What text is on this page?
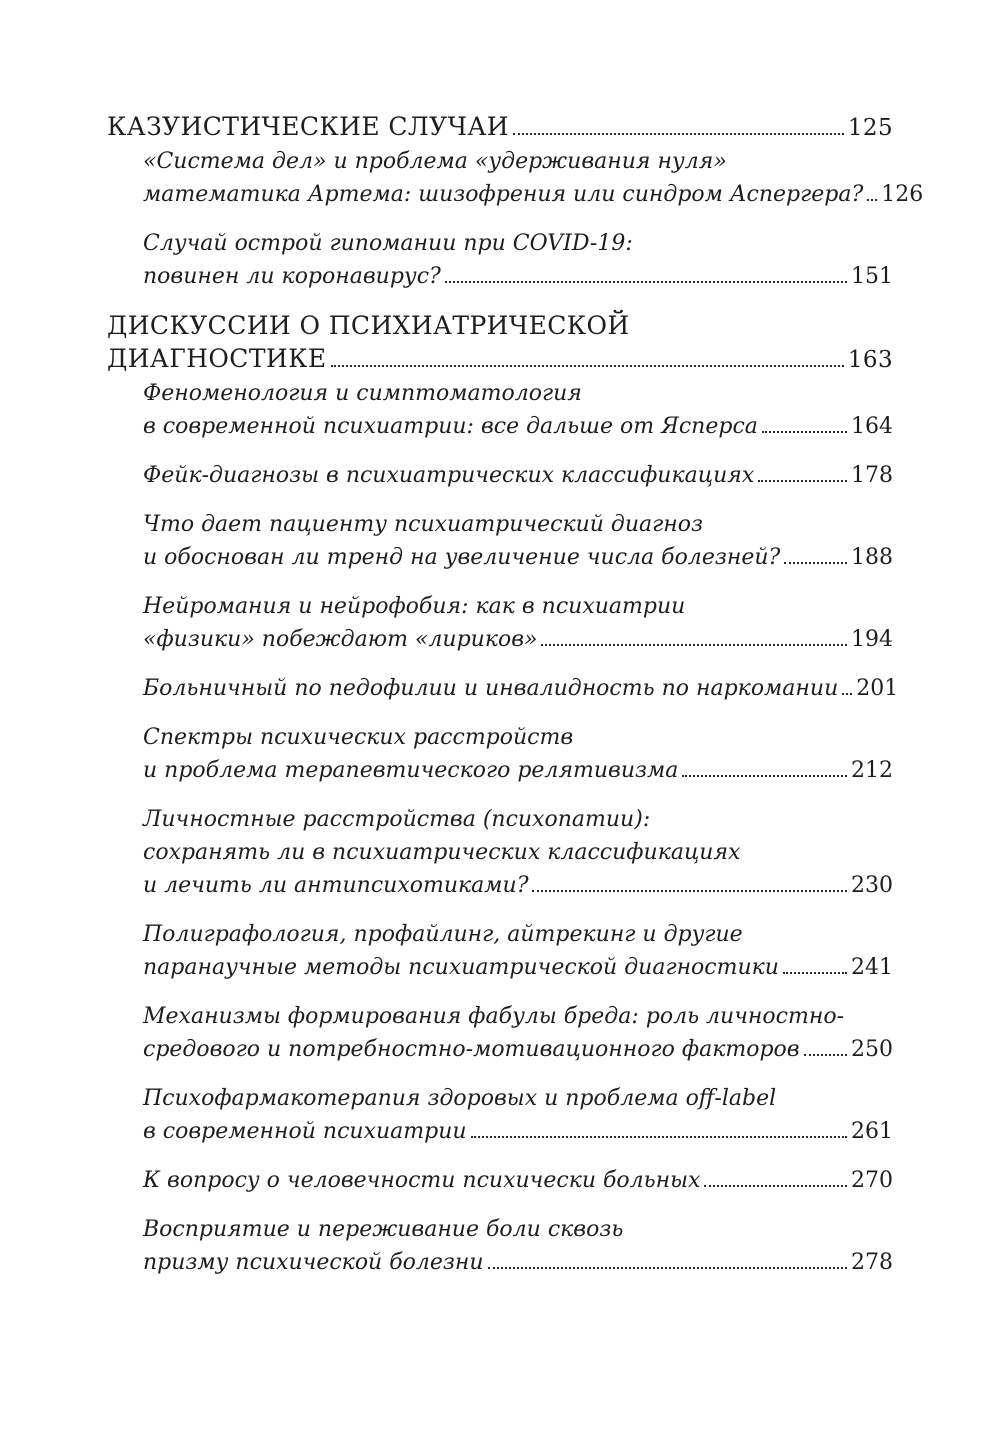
КАЗУИСТИЧЕСКИЕ СЛУЧАИ	125
«Система дел» и проблема «удерживания нуля»
математика Артема: шизофрения или синдром Аспергера? 126
Случай острой гипомании при COVID-19:
повинен ли коронавирус?	151
ДИСКУССИИ О ПСИХИАТРИЧЕСКОЙ
ДИАГНОСТИКЕ	163
Феноменология и симптоматология
в современной психиатрии: все дальше от Ясперса	164
Фейк-диагнозы в психиатрических классификациях	178
Что дает пациенту психиатрический диагноз
и обоснован ли тренд на увеличение числа болезней?	188
Нейромания и нейрофобия: как в психиатрии
«физики» побеждают «лириков»	194
Больничный по педофилии и инвалидность по наркомании 201
Спектры психических расстройств
и проблема терапевтического релятивизма	212
Личностные расстройства (психопатии):
сохранять ли в психиатрических классификациях
и лечить ли антипсихотиками?	230
Полиграфология, профайлинг, айтрекинг и другие
паранаучные методы психиатрической диагностики	241
Механизмы формирования фабулы бреда: роль личностно-
средового и потребностно-мотивационного факторов 250
Психофармакотерапия здоровых и проблема off-label
в современной психиатрии	261
К вопросу о человечности психически больных	270
Восприятие и переживание боли сквозь
призму психической болезни	278
